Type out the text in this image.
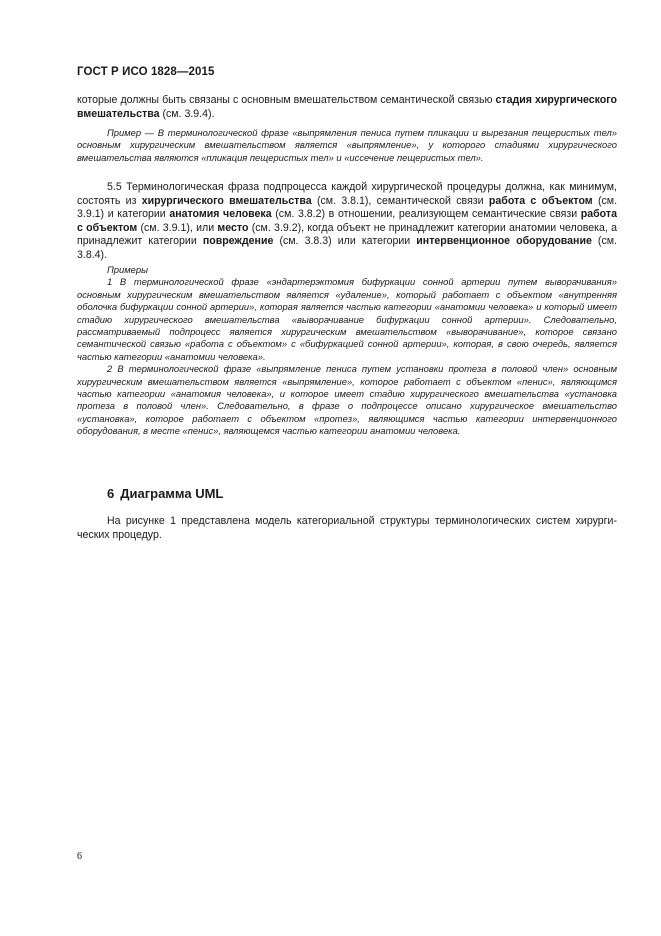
ГОСТ Р ИСО 1828—2015

которые должны быть связаны с основным вмешательством семантической связью стадия хирургического вмешательства (см. 3.9.4).

Пример — В терминологической фразе «выпрямления пениса путем пликации и вырезания пещеристых тел» основным хирургическим вмешательством является «выпрямление», у которого стадиями хирургического вмешательства являются «пликация пещеристых тел» и «иссечение пещеристых тел».

5.5 Терминологическая фраза подпроцесса каждой хирургической процедуры должна, как минимум, состоять из хирургического вмешательства (см. 3.8.1), семантической связи работа с объектом (см. 3.9.1) и категории анатомия человека (см. 3.8.2) в отношении, реализующем семантические связи работа с объектом (см. 3.9.1), или место (см. 3.9.2), когда объект не принадлежит категории анатомии человека, а принадлежит категории повреждение (см. 3.8.3) или категории интервенционное оборудование (см. 3.8.4).

Примеры

1 В терминологической фразе «эндартерэктомия бифуркации сонной артерии путем выворачивания» основным хирургическим вмешательством является «удаление», который работает с объектом «внутренняя оболочка бифуркации сонной артерии», которая является частью категории «анатомии человека» и который имеет стадию хирургического вмешательства «выворачивание бифуркации сонной артерии». Следовательно, рассматриваемый подпроцесс является хирургическим вмешательством «выворачивание», которое связано семантической связью «работа с объектом» с «бифуркацией сонной артерии», которая, в свою очередь, является частью категории «анатомии человека».

2 В терминологической фразе «выпрямление пениса путем установки протеза в половой член» основным хирургическим вмешательством является «выпрямление», которое работает с объектом «пенис», являющимся частью категории «анатомия человека», и которое имеет стадию хирургического вмешательства «установка протеза в половой член». Следовательно, в фразе о подпроцессе описано хирургическое вмешательство «установка», которое работает с объектом «протез», являющимся частью категории интервенционного оборудования, в месте «пенис», являющемся частью категории анатомии человека.

6 Диаграмма UML

На рисунке 1 представлена модель категориальной структуры терминологических систем хирургических процедур.

6
